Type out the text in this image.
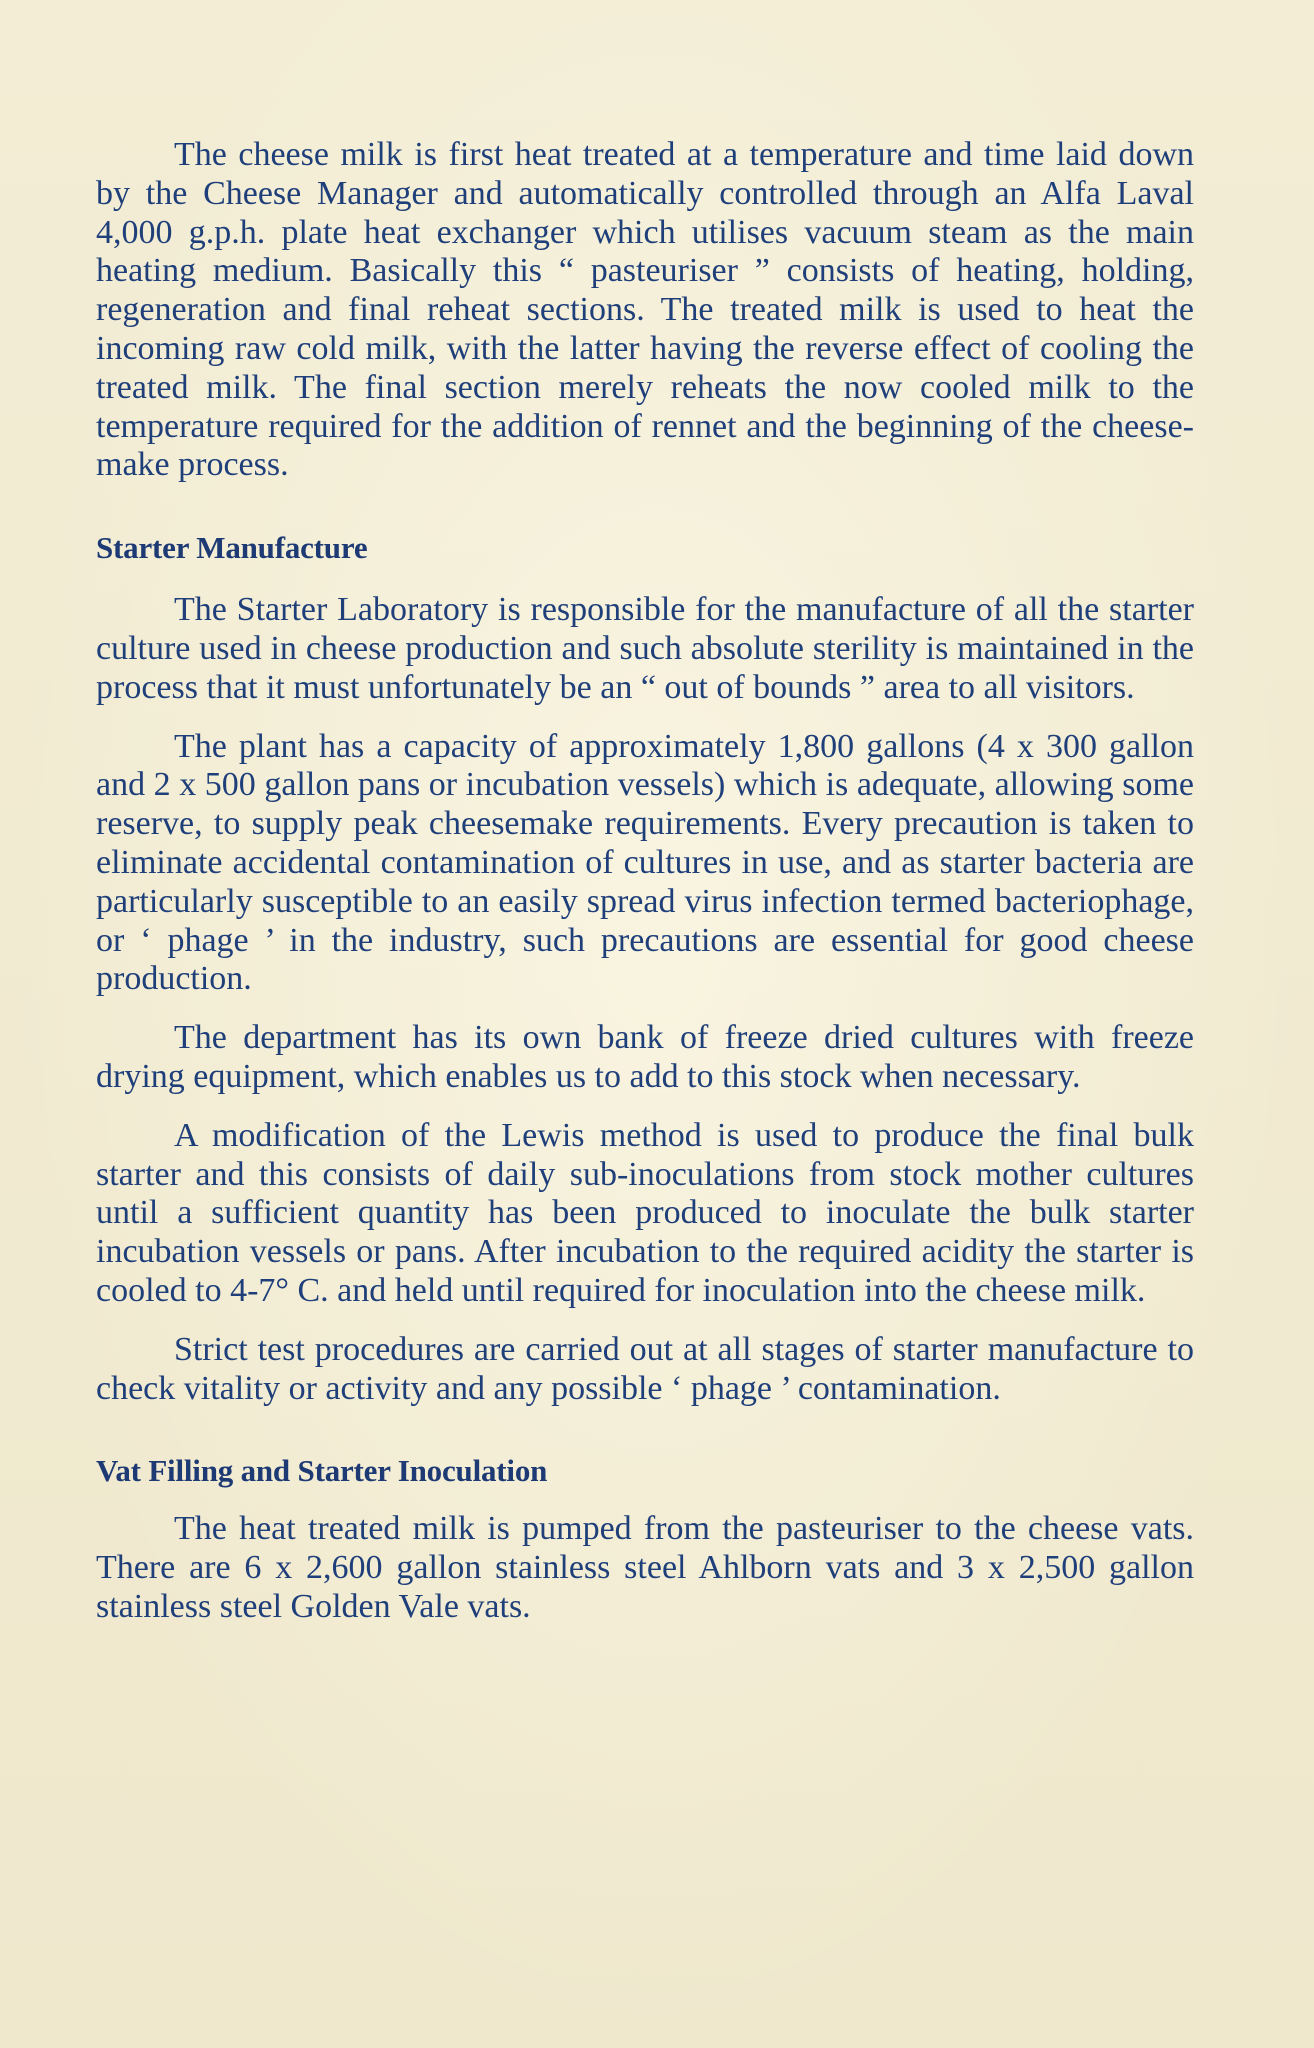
The cheese milk is first heat treated at a temperature and time laid down by the Cheese Manager and automatically controlled through an Alfa Laval 4,000 g.p.h. plate heat exchanger which utilises vacuum steam as the main heating medium. Basically this “ pasteuriser ” consists of heating, holding, regeneration and final reheat sections. The treated milk is used to heat the incoming raw cold milk, with the latter having the reverse effect of cooling the treated milk. The final section merely reheats the now cooled milk to the temperature required for the addition of rennet and the beginning of the cheese-make process.

Starter Manufacture

The Starter Laboratory is responsible for the manufacture of all the starter culture used in cheese production and such absolute sterility is maintained in the process that it must unfortunately be an “ out of bounds ” area to all visitors.

The plant has a capacity of approximately 1,800 gallons (4 x 300 gallon and 2 x 500 gallon pans or incubation vessels) which is adequate, allowing some reserve, to supply peak cheesemake requirements. Every precaution is taken to eliminate accidental contamination of cultures in use, and as starter bacteria are particularly susceptible to an easily spread virus infection termed bacteriophage, or ‘ phage ’ in the industry, such precautions are essential for good cheese production.

The department has its own bank of freeze dried cultures with freeze drying equipment, which enables us to add to this stock when necessary.

A modification of the Lewis method is used to produce the final bulk starter and this consists of daily sub-inoculations from stock mother cultures until a sufficient quantity has been produced to inoculate the bulk starter incubation vessels or pans. After incubation to the required acidity the starter is cooled to 4-7° C. and held until required for inoculation into the cheese milk.

Strict test procedures are carried out at all stages of starter manufacture to check vitality or activity and any possible ‘ phage ’ contamination.

Vat Filling and Starter Inoculation

The heat treated milk is pumped from the pasteuriser to the cheese vats. There are 6 x 2,600 gallon stainless steel Ahlborn vats and 3 x 2,500 gallon stainless steel Golden Vale vats.
